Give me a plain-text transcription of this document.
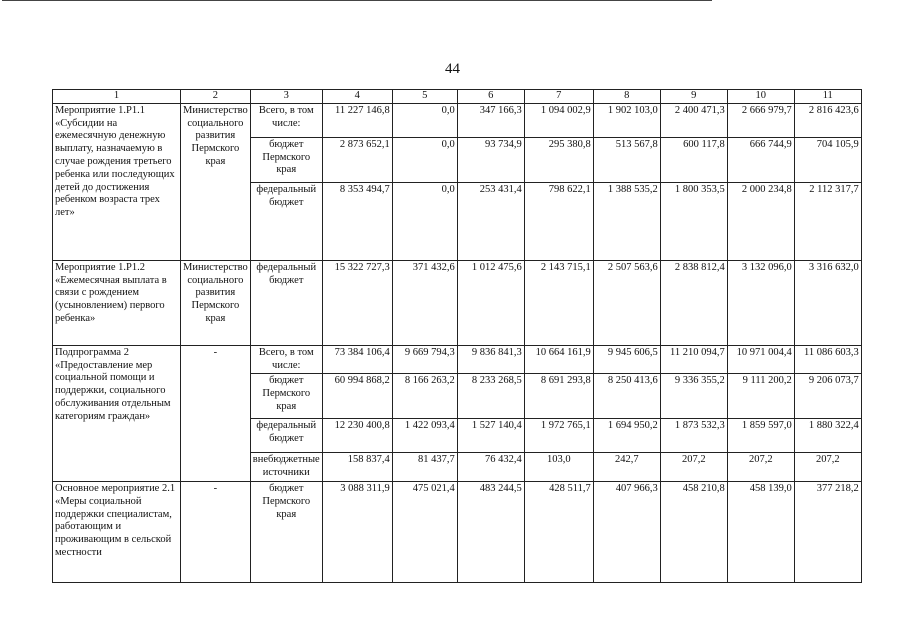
44
1	2	3	4	5	6	7	8	9	10	11
Мероприятие 1.Р1.1 «Субсидии на ежемесячную денежную выплату, назначаемую в случае рождения третьего ребенка или последующих детей до достижения ребенком возраста трех лет»	Министерство социального развития Пермского края	Всего, в том числе:	11 227 146,8	0,0	347 166,3	1 094 002,9	1 902 103,0	2 400 471,3	2 666 979,7	2 816 423,6
		бюджет Пермского края	2 873 652,1	0,0	93 734,9	295 380,8	513 567,8	600 117,8	666 744,9	704 105,9
		федеральный бюджет	8 353 494,7	0,0	253 431,4	798 622,1	1 388 535,2	1 800 353,5	2 000 234,8	2 112 317,7
Мероприятие 1.Р1.2 «Ежемесячная выплата в связи с рождением (усыновлением) первого ребенка»	Министерство социального развития Пермского края	федеральный бюджет	15 322 727,3	371 432,6	1 012 475,6	2 143 715,1	2 507 563,6	2 838 812,4	3 132 096,0	3 316 632,0
Подпрограмма 2 «Предоставление мер социальной помощи и поддержки, социального обслуживания отдельным категориям граждан»	-	Всего, в том числе:	73 384 106,4	9 669 794,3	9 836 841,3	10 664 161,9	9 945 606,5	11 210 094,7	10 971 004,4	11 086 603,3
		бюджет Пермского края	60 994 868,2	8 166 263,2	8 233 268,5	8 691 293,8	8 250 413,6	9 336 355,2	9 111 200,2	9 206 073,7
		федеральный бюджет	12 230 400,8	1 422 093,4	1 527 140,4	1 972 765,1	1 694 950,2	1 873 532,3	1 859 597,0	1 880 322,4
		внебюджетные источники	158 837,4	81 437,7	76 432,4	103,0	242,7	207,2	207,2	207,2
Основное мероприятие 2.1 «Меры социальной поддержки специалистам, работающим и проживающим в сельской местности	-	бюджет Пермского края	3 088 311,9	475 021,4	483 244,5	428 511,7	407 966,3	458 210,8	458 139,0	377 218,2
